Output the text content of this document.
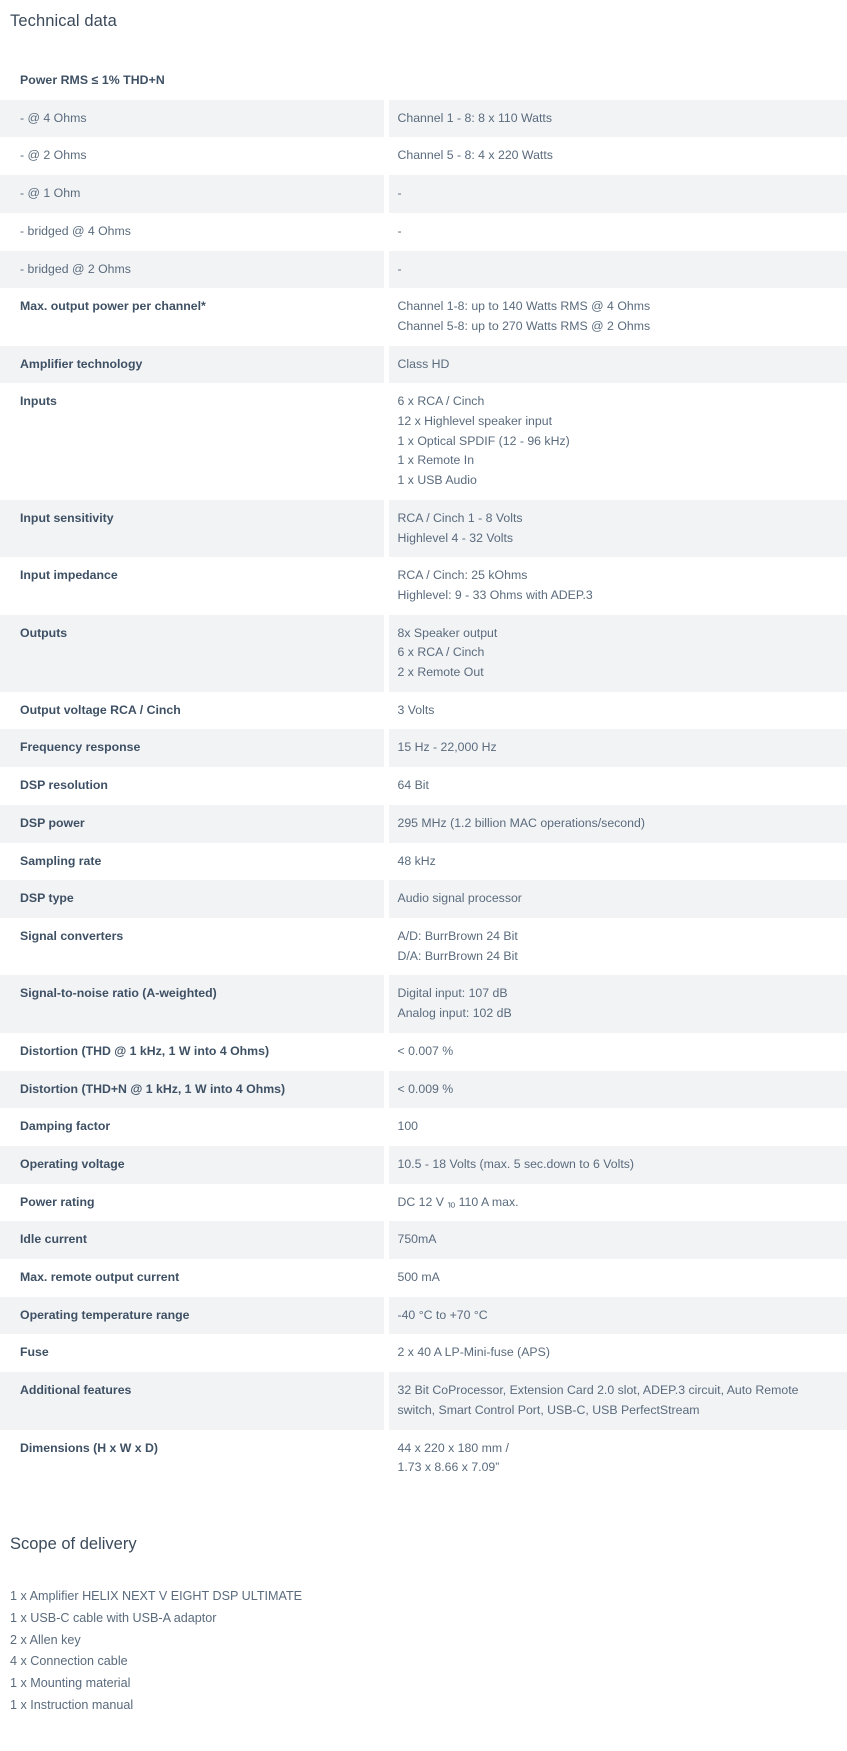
Technical data
Power RMS ≤ 1% THD+N	
- @ 4 Ohms	Channel 1 - 8: 8 x 110 Watts

- @ 2 Ohms	Channel 5 - 8: 4 x 220 Watts

- @ 1 Ohm	-

- bridged @ 4 Ohms	-

- bridged @ 2 Ohms	-

Max. output power per channel*	Channel 1-8: up to 140 Watts RMS @ 4 Ohms
Channel 5-8: up to 270 Watts RMS @ 2 Ohms

Amplifier technology	Class HD

Inputs	6 x RCA / Cinch
12 x Highlevel speaker input
1 x Optical SPDIF (12 - 96 kHz)
1 x Remote In
1 x USB Audio

Input sensitivity	RCA / Cinch 1 - 8 Volts
Highlevel 4 - 32 Volts

Input impedance	RCA / Cinch: 25 kOhms
Highlevel: 9 - 33 Ohms with ADEP.3

Outputs	8x Speaker output
6 x RCA / Cinch
2 x Remote Out

Output voltage RCA / Cinch	3 Volts

Frequency response	15 Hz - 22,000 Hz

DSP resolution	64 Bit

DSP power	295 MHz (1.2 billion MAC operations/second)

Sampling rate	48 kHz

DSP type	Audio signal processor

Signal converters	A/D: BurrBrown 24 Bit
D/A: BurrBrown 24 Bit

Signal-to-noise ratio (A-weighted)	Digital input: 107 dB
Analog input: 102 dB

Distortion (THD @ 1 kHz, 1 W into 4 Ohms)	< 0.007 %

Distortion (THD+N @ 1 kHz, 1 W into 4 Ohms)	< 0.009 %

Damping factor	100

Operating voltage	10.5 - 18 Volts (max. 5 sec.down to 6 Volts)

Power rating	DC 12 V ⏨ 110 A max.

Idle current	750mA

Max. remote output current	500 mA

Operating temperature range	-40 °C to +70 °C

Fuse	2 x 40 A LP-Mini-fuse (APS)

Additional features	32 Bit CoProcessor, Extension Card 2.0 slot, ADEP.3 circuit, Auto Remote switch, Smart Control Port, USB-C, USB PerfectStream

Dimensions (H x W x D)	44 x 220 x 180 mm /
1.73 x 8.66 x 7.09”
Scope of delivery
1 x Amplifier HELIX NEXT V EIGHT DSP ULTIMATE
1 x USB-C cable with USB-A adaptor
2 x Allen key
4 x Connection cable
1 x Mounting material
1 x Instruction manual
